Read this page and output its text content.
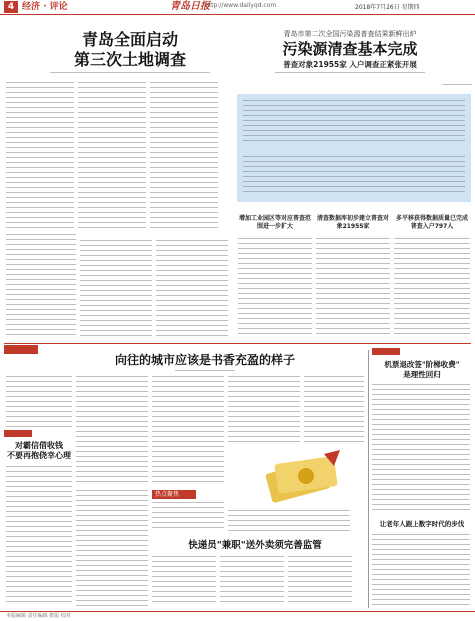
4 经济 · 评论	青岛日报
http://www.dailyqd.com	2018年7月26日 星期四
青岛全面启动
第三次土地调查
青岛市第二次全国污染源普查结果新鲜出炉
污染源清查基本完成
普查对象21955家 入户调查正紧张开展
增加工业园区等对应普查范围进一步扩大
清查数据库初步建立普查对象21955家
多平移获得数据质量已完成普查入户797人
向往的城市应该是书香充盈的样子
对霸信借收钱
不要再抱侥幸心理
热点聚焦
快递员"兼职"送外卖须完善监管
机票退改签"阶梯收费"
是理性回归
让老年人跟上数字时代的步伐
本版编辑 责任编辑 排版 校对
